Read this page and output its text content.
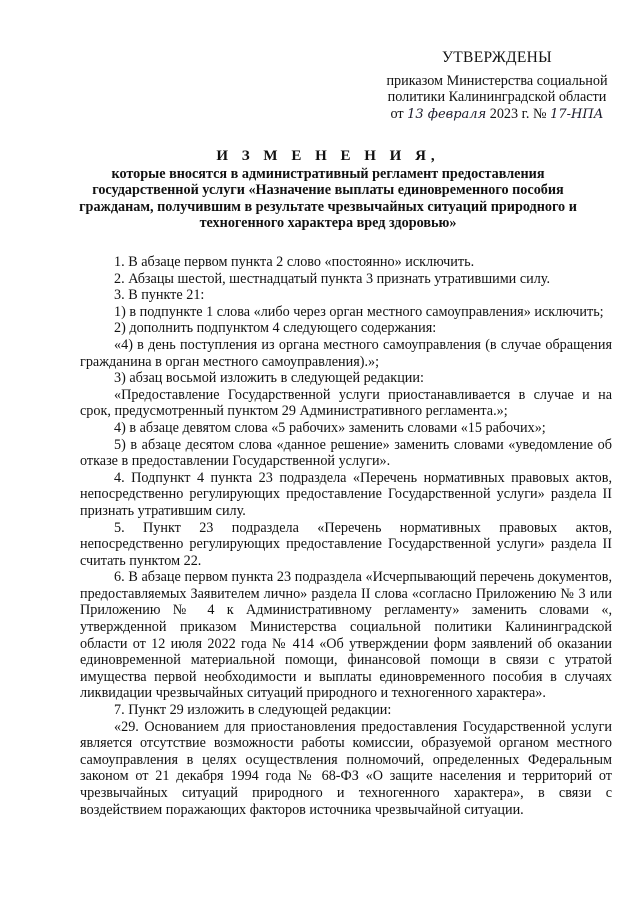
УТВЕРЖДЕНЫ
приказом Министерства социальной
политики Калининградской области
от 13 февраля 2023 г. № 17-НПА
И З М Е Н Е Н И Я,
которые вносятся в административный регламент предоставления государственной услуги «Назначение выплаты единовременного пособия гражданам, получившим в результате чрезвычайных ситуаций природного и техногенного характера вред здоровью»

1. В абзаце первом пункта 2 слово «постоянно» исключить.

2. Абзацы шестой, шестнадцатый пункта 3 признать утратившими силу.

3. В пункте 21:

1) в подпункте 1 слова «либо через орган местного самоуправления» исключить;

2) дополнить подпунктом 4 следующего содержания:

«4) в день поступления из органа местного самоуправления (в случае обращения гражданина в орган местного самоуправления).»;

3) абзац восьмой изложить в следующей редакции:

«Предоставление Государственной услуги приостанавливается в случае и на срок, предусмотренный пунктом 29 Административного регламента.»;

4) в абзаце девятом слова «5 рабочих» заменить словами «15 рабочих»;

5) в абзаце десятом слова «данное решение» заменить словами «уведомление об отказе в предоставлении Государственной услуги».

4. Подпункт 4 пункта 23 подраздела «Перечень нормативных правовых актов, непосредственно регулирующих предоставление Государственной услуги» раздела II признать утратившим силу.

5. Пункт 23 подраздела «Перечень нормативных правовых актов, непосредственно регулирующих предоставление Государственной услуги» раздела II считать пунктом 22.

6. В абзаце первом пункта 23 подраздела «Исчерпывающий перечень документов, предоставляемых Заявителем лично» раздела II слова «согласно Приложению № 3 или Приложению № 4 к Административному регламенту» заменить словами «, утвержденной приказом Министерства социальной политики Калининградской области от 12 июля 2022 года № 414 «Об утверждении форм заявлений об оказании единовременной материальной помощи, финансовой помощи в связи с утратой имущества первой необходимости и выплаты единовременного пособия в случаях ликвидации чрезвычайных ситуаций природного и техногенного характера».

7. Пункт 29 изложить в следующей редакции:

«29. Основанием для приостановления предоставления Государственной услуги является отсутствие возможности работы комиссии, образуемой органом местного самоуправления в целях осуществления полномочий, определенных Федеральным законом от 21 декабря 1994 года № 68-ФЗ «О защите населения и территорий от чрезвычайных ситуаций природного и техногенного характера», в связи с воздействием поражающих факторов источника чрезвычайной ситуации.
